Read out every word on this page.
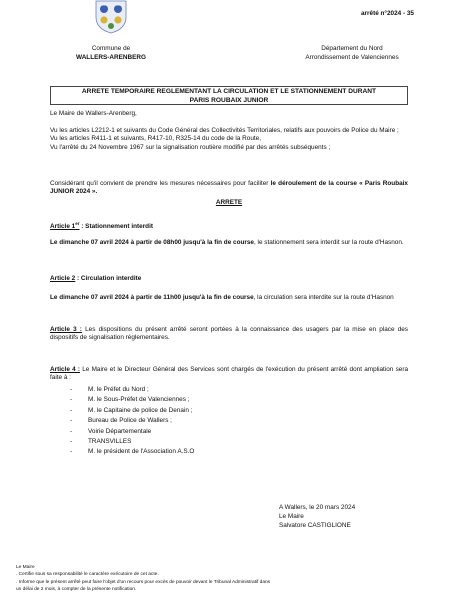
arrêté n°2024 - 35
Commune de
WALLERS-ARENBERG
Département du Nord
Arrondissement de Valenciennes
ARRETE TEMPORAIRE REGLEMENTANT LA CIRCULATION ET LE STATIONNEMENT DURANT
PARIS ROUBAIX JUNIOR
Le Maire de Wallers-Arenberg,
Vu les articles L2212-1 et suivants du Code Général des Collectivités Territoriales, relatifs aux pouvoirs de Police du Maire ;
Vu les articles R411-1 et suivants, R417-10, R325-14 du code de la Route,
Vu l'arrêté du 24 Novembre 1967 sur la signalisation routière modifié par des arrêtés subséquents ;
Considérant qu'il convient de prendre les mesures nécessaires pour faciliter le déroulement de la course « Paris Roubaix JUNIOR 2024 ».
ARRETE
Article 1er : Stationnement interdit
Le dimanche 07 avril 2024 à partir de 08h00 jusqu'à la fin de course, le stationnement sera interdit sur la route d'Hasnon.
Article 2 : Circulation interdite
Le dimanche 07 avril 2024 à partir de 11h00 jusqu'à la fin de course, la circulation sera interdite sur la route d'Hasnon
Article 3 : Les dispositions du présent arrêté seront portées à la connaissance des usagers par la mise en place des dispositifs de signalisation réglementaires.
Article 4 : Le Maire et le Directeur Général des Services sont chargés de l'exécution du présent arrêté dont ampliation sera faite à :
-	M. le Préfet du Nord ;
-	M. le Sous-Préfet de Valenciennes ;
-	M. le Capitaine de police de Denain ;
-	Bureau de Police de Wallers ;
-	Voirie Départementale
-	TRANSVILLES
-	M. le président de l'Association A.S.O
A Wallers, le 20 mars 2024
Le Maire
Salvatore CASTIGLIONE
Le Maire
. Certifie sous sa responsabilité le caractère exécutoire de cet acte.
. Informe que le présent arrêté peut faire l'objet d'un recours pour excès de pouvoir devant le Tribunal Administratif dans
un délai de 2 mois, à compter de la présente notification.
